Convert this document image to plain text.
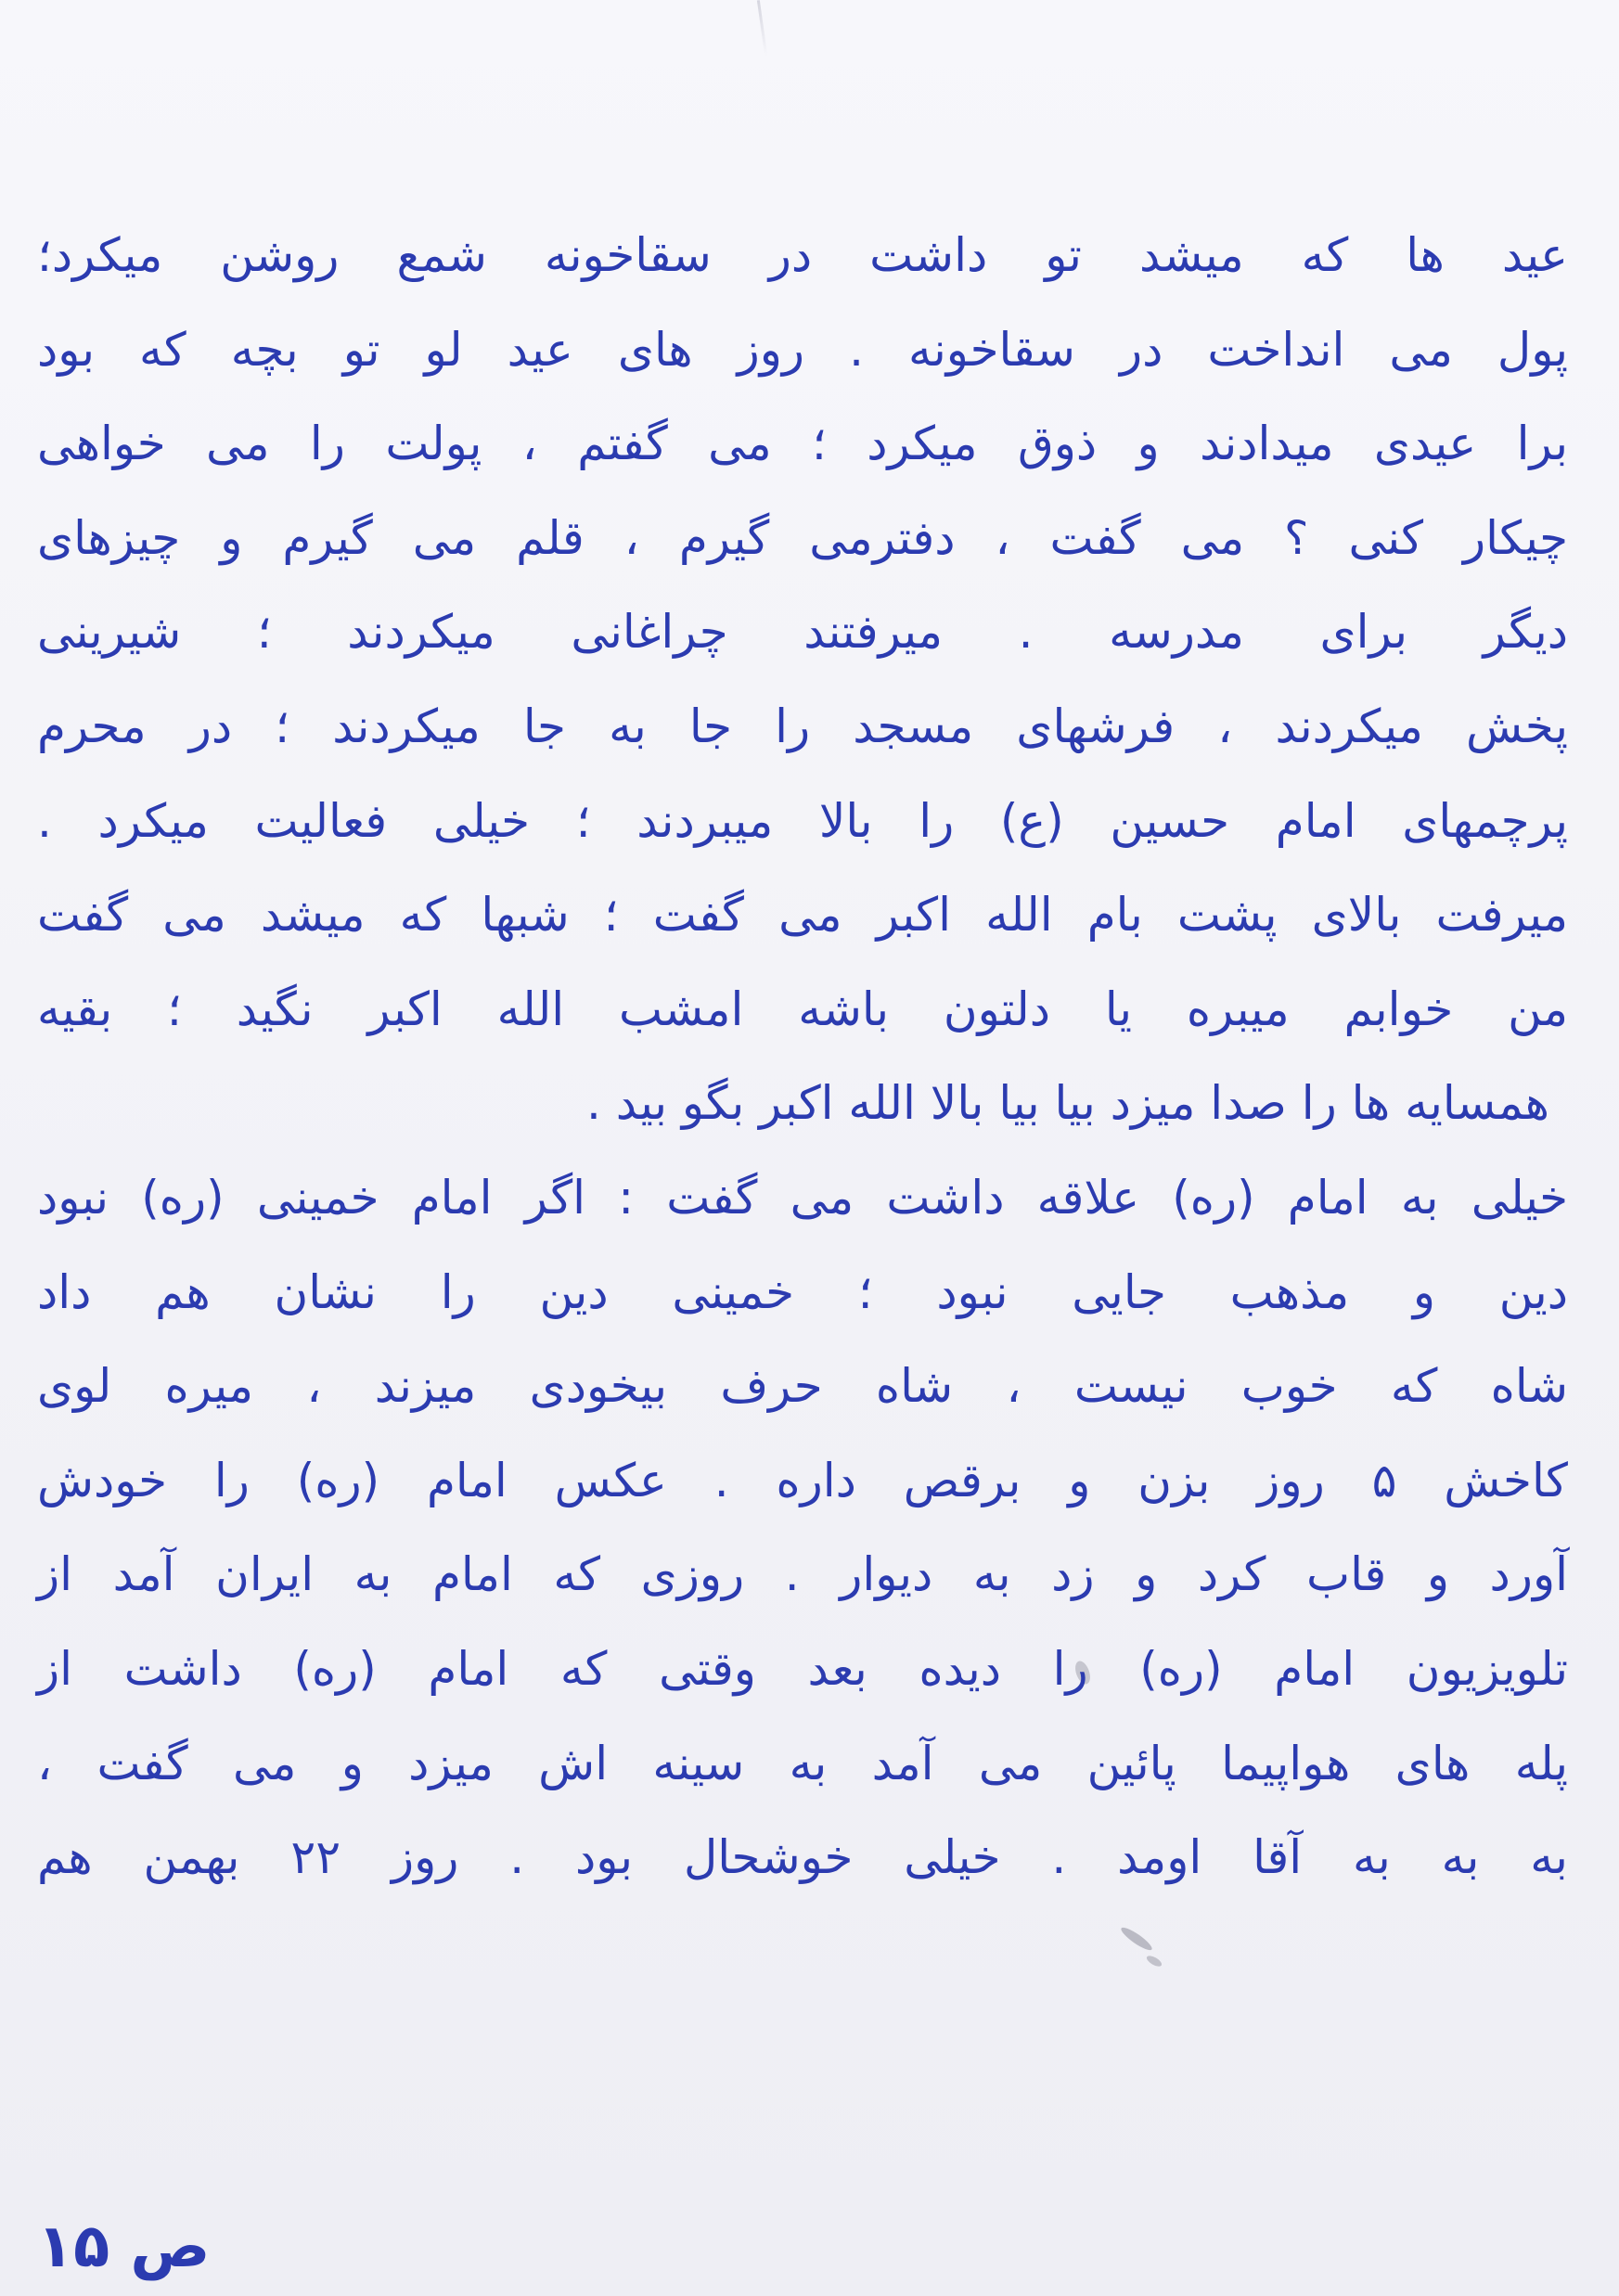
عید ها که میشد تو داشت در سقاخونه شمع روشن میکرد؛
پول می انداخت در سقاخونه . روز های عید لو تو بچه که بود
برا عیدی میدادند و ذوق میکرد ؛ می گفتم ، پولت را می خواهی
چیکار کنی ؟ می گفت ، دفترمی گیرم ، قلم می گیرم و چیزهای
دیگر برای مدرسه . میرفتند چراغانی میکردند ؛ شیرینی
پخش میکردند ، فرشهای مسجد را جا به جا میکردند ؛ در محرم
پرچمهای امام حسین (ع) را بالا میبردند ؛ خیلی فعالیت میکرد .
میرفت بالای پشت بام الله اکبر می گفت ؛ شبها که میشد می گفت
من خوابم میبره یا دلتون باشه امشب الله اکبر نگید ؛ بقیه
همسایه ها را صدا میزد بیا بیا بالا الله اکبر بگو بید .
خیلی به امام (ره) علاقه داشت می گفت : اگر امام خمینی (ره) نبود
دین و مذهب جایی نبود ؛ خمینی دین را نشان هم داد
شاه که خوب نیست ، شاه حرف بیخودی میزند ، میره لوی
کاخش ۵ روز بزن و برقص داره . عکس امام (ره) را خودش
آورد و قاب کرد و زد به دیوار . روزی که امام به ایران آمد از
تلویزیون امام (ره) را دیده بعد وقتی که امام (ره) داشت از
پله های هواپیما پائین می آمد به سینه اش میزد و می گفت ،
به به به آقا اومد . خیلی خوشحال بود . روز ۲۲ بهمن هم
ص ۱۵
